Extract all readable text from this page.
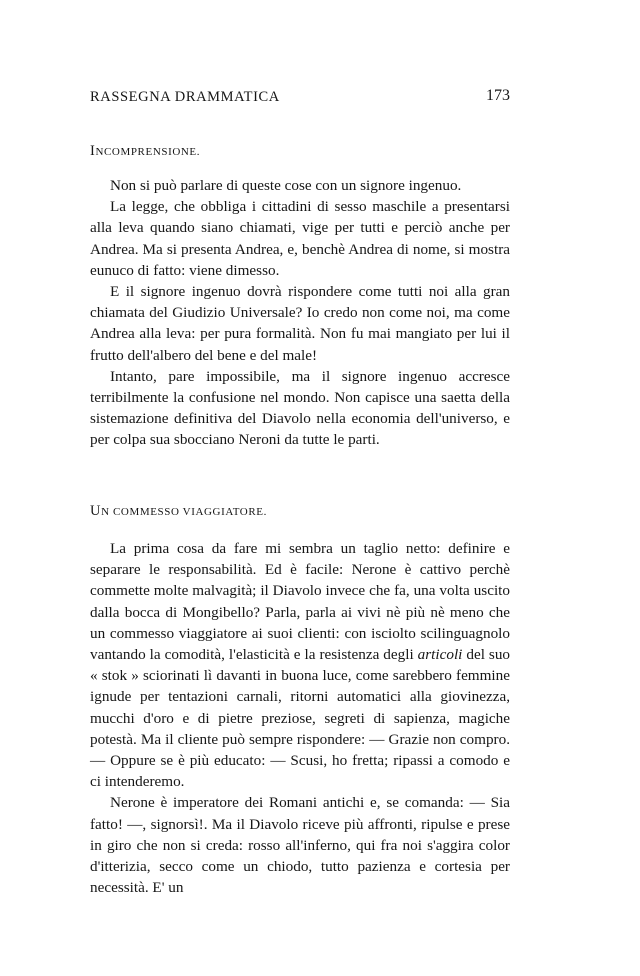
RASSEGNA DRAMMATICA	173
INCOMPRENSIONE.

Non si può parlare di queste cose con un signore ingenuo.

La legge, che obbliga i cittadini di sesso maschile a presentarsi alla leva quando siano chiamati, vige per tutti e perciò anche per Andrea. Ma si presenta Andrea, e, benchè Andrea di nome, si mostra eunuco di fatto: viene dimesso.

E il signore ingenuo dovrà rispondere come tutti noi alla gran chiamata del Giudizio Universale? Io credo non come noi, ma come Andrea alla leva: per pura formalità. Non fu mai mangiato per lui il frutto dell'albero del bene e del male!

Intanto, pare impossibile, ma il signore ingenuo accresce terribilmente la confusione nel mondo. Non capisce una saetta della sistemazione definitiva del Diavolo nella economia dell'universo, e per colpa sua sbocciano Neroni da tutte le parti.

UN COMMESSO VIAGGIATORE.

La prima cosa da fare mi sembra un taglio netto: definire e separare le responsabilità. Ed è facile: Nerone è cattivo perchè commette molte malvagità; il Diavolo invece che fa, una volta uscito dalla bocca di Mongibello? Parla, parla ai vivi nè più nè meno che un commesso viaggiatore ai suoi clienti: con isciolto scilinguagnolo vantando la comodità, l'elasticità e la resistenza degli articoli del suo « stok » sciorinati lì davanti in buona luce, come sarebbero femmine ignude per tentazioni carnali, ritorni automatici alla giovinezza, mucchi d'oro e di pietre preziose, segreti di sapienza, magiche potestà. Ma il cliente può sempre rispondere: — Grazie non compro. — Oppure se è più educato: — Scusi, ho fretta; ripassi a comodo e ci intenderemo.

Nerone è imperatore dei Romani antichi e, se comanda: — Sia fatto! —, signorsì!. Ma il Diavolo riceve più affronti, ripulse e prese in giro che non si creda: rosso all'inferno, qui fra noi s'aggira color d'itterizia, secco come un chiodo, tutto pazienza e cortesia per necessità. E' un
